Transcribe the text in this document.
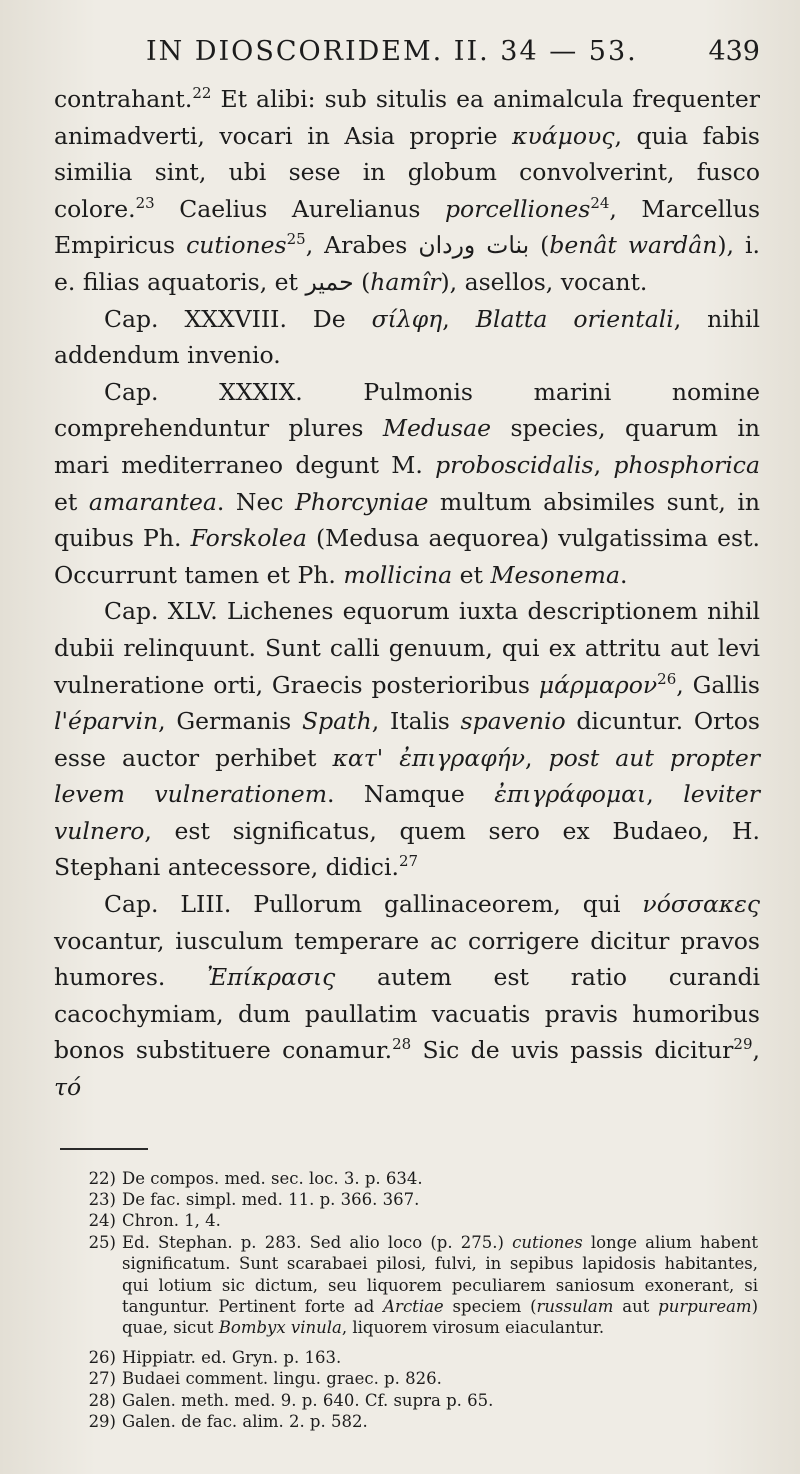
IN DIOSCORIDEM. II. 34 — 53.	439

contrahant.$^{22}$ Et alibi: sub situlis ea animalcula frequenter animadverti, vocari in Asia proprie κυάμους, quia fabis similia sint, ubi sese in globum convolverint, fusco colore.$^{23}$ Caelius Aurelianus porcelliones$^{24}$, Marcellus Empiricus cutiones$^{25}$, Arabes بنات وردان (benât wardân), i. e. filias aquatoris, et حمير (hamîr), asellos, vocant.

Cap. XXXVIII. De σίλφη, Blatta orientali, nihil addendum invenio.

Cap. XXXIX. Pulmonis marini nomine comprehenduntur plures Medusae species, quarum in mari mediterraneo degunt M. proboscidalis, phosphorica et amarantea. Nec Phorcyniae multum absimiles sunt, in quibus Ph. Forskolea (Medusa aequorea) vulgatissima est. Occurrunt tamen et Ph. mollicina et Mesonema.

Cap. XLV. Lichenes equorum iuxta descriptionem nihil dubii relinquunt. Sunt calli genuum, qui ex attritu aut levi vulneratione orti, Graecis posterioribus μάρμαρον$^{26}$, Gallis l'éparvin, Germanis Spath, Italis spavenio dicuntur. Ortos esse auctor perhibet κατ' ἐπιγραφήν, post aut propter levem vulnerationem. Namque ἐπιγράφομαι, leviter vulnero, est significatus, quem sero ex Budaeo, H. Stephani antecessore, didici.$^{27}$

Cap. LIII. Pullorum gallinaceorem, qui νόσσακες vocantur, iusculum temperare ac corrigere dicitur pravos humores. Ἐπίκρασις autem est ratio curandi cacochymiam, dum paullatim vacuatis pravis humoribus bonos substituere conamur.$^{28}$ Sic de uvis passis dicitur$^{29}$, τό

22) De compos. med. sec. loc. 3. p. 634.
23) De fac. simpl. med. 11. p. 366. 367.
24) Chron. 1, 4.
25) Ed. Stephan. p. 283. Sed alio loco (p. 275.) cutiones longe alium habent significatum. Sunt scarabaei pilosi, fulvi, in sepibus lapidosis habitantes, qui lotium sic dictum, seu liquorem peculiarem saniosum exonerant, si tanguntur. Pertinent forte ad Arctiae speciem (russulam aut purpuream) quae, sicut Bombyx vinula, liquorem virosum eiaculantur.
26) Hippiatr. ed. Gryn. p. 163.
27) Budaei comment. lingu. graec. p. 826.
28) Galen. meth. med. 9. p. 640. Cf. supra p. 65.
29) Galen. de fac. alim. 2. p. 582.
